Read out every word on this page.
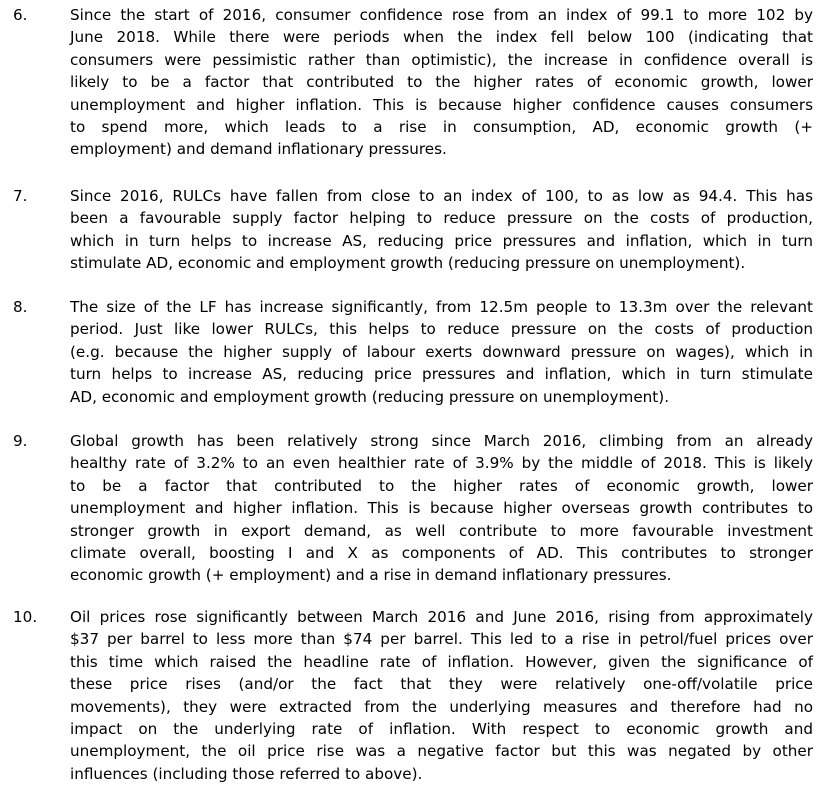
6.	Since the start of 2016, consumer confidence rose from an index of 99.1 to more 102 by
June 2018. While there were periods when the index fell below 100 (indicating that
consumers were pessimistic rather than optimistic), the increase in confidence overall is
likely to be a factor that contributed to the higher rates of economic growth, lower
unemployment and higher inflation. This is because higher confidence causes consumers
to spend more, which leads to a rise in consumption, AD, economic growth (+
employment) and demand inflationary pressures.
7.	Since 2016, RULCs have fallen from close to an index of 100, to as low as 94.4. This has
been a favourable supply factor helping to reduce pressure on the costs of production,
which in turn helps to increase AS, reducing price pressures and inflation, which in turn
stimulate AD, economic and employment growth (reducing pressure on unemployment).
8.	The size of the LF has increase significantly, from 12.5m people to 13.3m over the relevant
period. Just like lower RULCs, this helps to reduce pressure on the costs of production
(e.g. because the higher supply of labour exerts downward pressure on wages), which in
turn helps to increase AS, reducing price pressures and inflation, which in turn stimulate
AD, economic and employment growth (reducing pressure on unemployment).
9.	Global growth has been relatively strong since March 2016, climbing from an already
healthy rate of 3.2% to an even healthier rate of 3.9% by the middle of 2018. This is likely
to be a factor that contributed to the higher rates of economic growth, lower
unemployment and higher inflation. This is because higher overseas growth contributes to
stronger growth in export demand, as well contribute to more favourable investment
climate overall, boosting I and X as components of AD. This contributes to stronger
economic growth (+ employment) and a rise in demand inflationary pressures.
10. Oil prices rose significantly between March 2016 and June 2016, rising from approximately
$37 per barrel to less more than $74 per barrel. This led to a rise in petrol/fuel prices over
this time which raised the headline rate of inflation. However, given the significance of
these price rises (and/or the fact that they were relatively one-off/volatile price
movements), they were extracted from the underlying measures and therefore had no
impact on the underlying rate of inflation. With respect to economic growth and
unemployment, the oil price rise was a negative factor but this was negated by other
influences (including those referred to above).
